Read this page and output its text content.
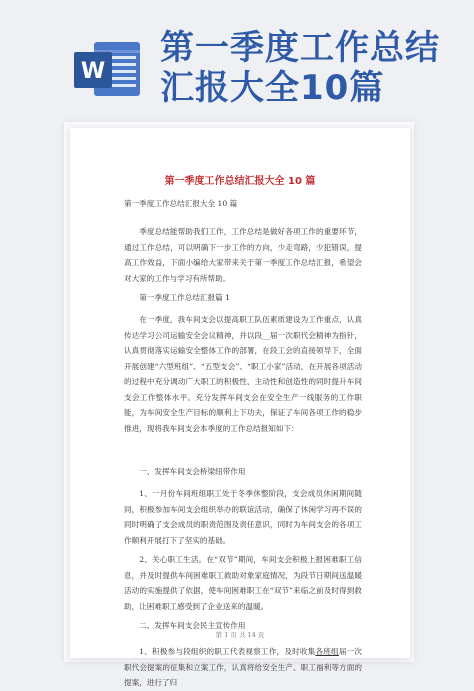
W
第一季度工作总结
汇报大全10篇
第一季度工作总结汇报大全 10 篇
第一季度工作总结汇报大全 10 篇
季度总结能帮助我们工作，工作总结是做好各项工作的重要环节，通过工作总结，可以明确下一步工作的方向，少走弯路，少犯错误，提高工作效益，下面小编给大家带来关于第一季度工作总结汇报，希望会对大家的工作与学习有所帮助。
第一季度工作总结汇报篇 1
在一季度，我车间支会以提高职工队伍素质建设为工作重点，认真传达学习公司运输安全会议精神，并以段__届一次职代会精神为指针，认真贯彻落实运输安全整体工作的部署，在段工会的直接领导下，全面开展创建“六型班组”、“五型支会”、“职工小家”活动，在开展各项活动的过程中充分调动广大职工的积极性、主动性和创造性的同时提升车间支会工作整体水平。充分发挥车间支会在安全生产一线服务的工作职能，为车间安全生产目标的顺利上下功夫，保证了车间各项工作的稳步推进，现将我车间支会本季度的工作总结报知如下：
一、发挥车间支会桥梁纽带作用
1、一月份车间班组职工处于冬季休整阶段，支会成员休闲期间随同，积极参加车间支会组织举办的联谊活动，确保了休闲学习再不误的同时明确了支会成员的职责范围及责任意识，同时为车间支会的各项工作顺利开展打下了坚实的基础。
2、关心职工生活。在“双节”期间，车间支会积极上报困难职工信息，并及时提供车间困难职工救助对象家庭情况，为段节日期间送温暖活动的实施提供了依据，使车间困难职工在“双节”来临之前及时得到救助，让困难职工感受到了企业送来的温暖。
二、发挥车间支会民主宣传作用
第 1 页 共 14 页
1、积极参与段组织的职工代表视察工作，及时收集各班组届一次职代会提案的征集和立案工作，认真将给安全生产、职工福利等方面的提案，进行了归
